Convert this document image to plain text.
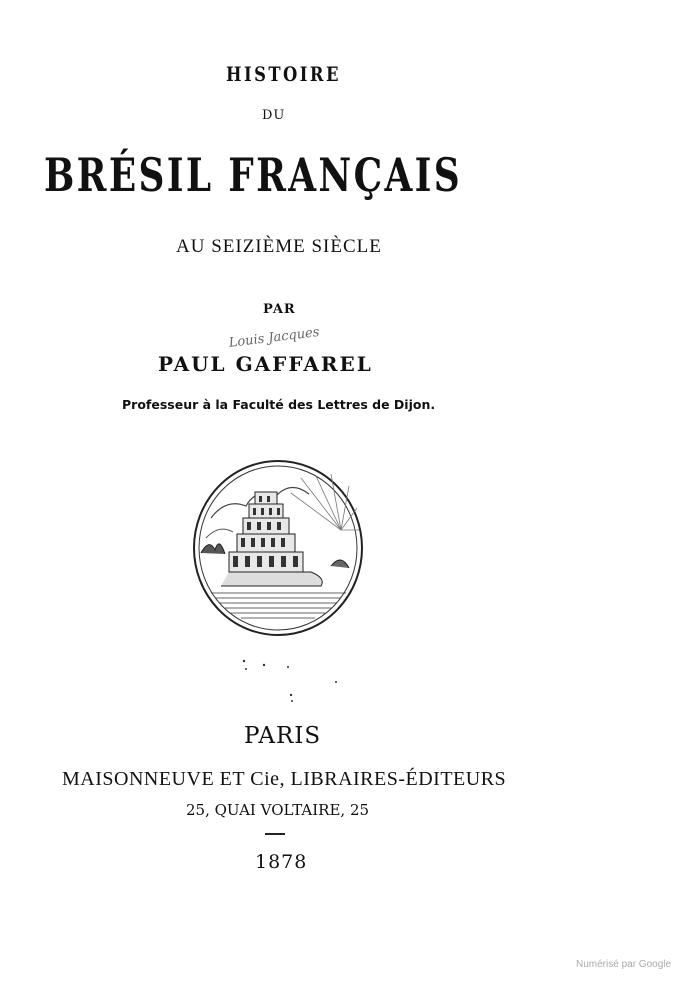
HISTOIRE
DU
BRÉSIL FRANÇAIS
AU SEIZIÈME SIÈCLE
PAR
Louis Jacques
PAUL GAFFAREL
Professeur à la Faculté des Lettres de Dijon.
PARIS
MAISONNEUVE ET Cie, LIBRAIRES-ÉDITEURS
25, QUAI VOLTAIRE, 25
1878
Numérisé par Google
